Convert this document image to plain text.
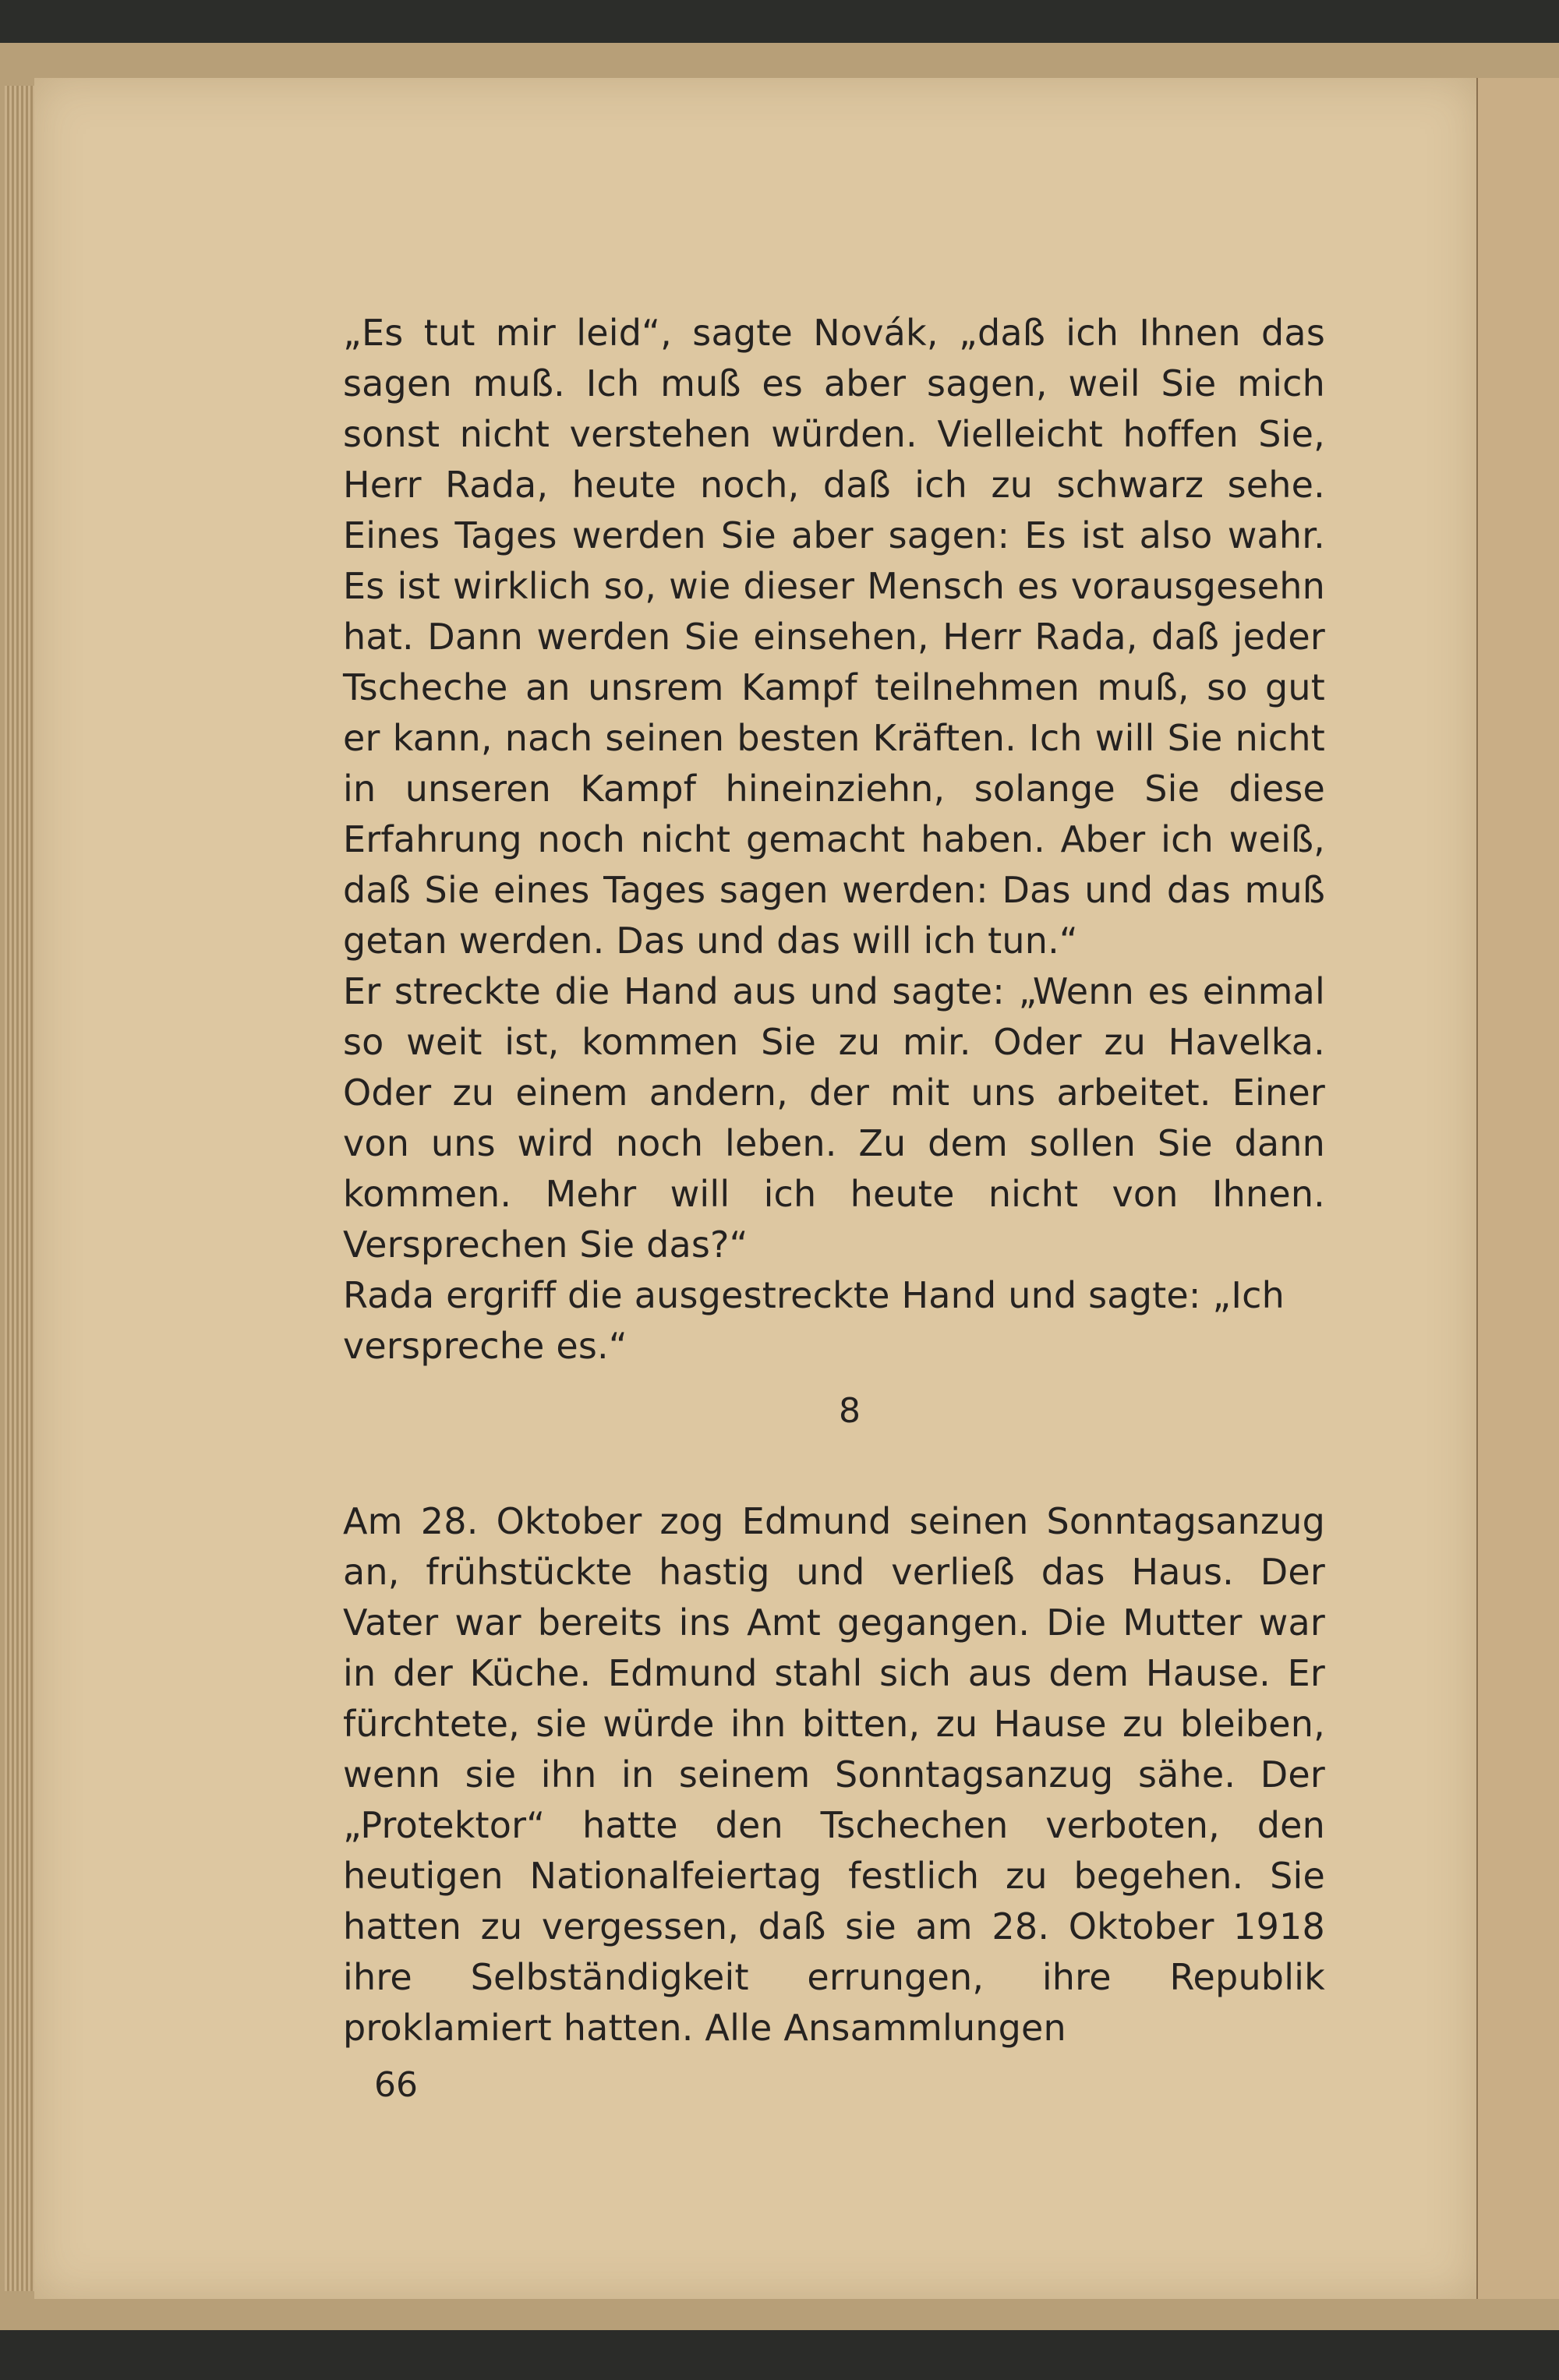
„Es tut mir leid“, sagte Novák, „daß ich Ihnen das sagen muß. Ich muß es aber sagen, weil Sie mich sonst nicht verstehen würden. Vielleicht hoffen Sie, Herr Rada, heute noch, daß ich zu schwarz sehe. Eines Tages werden Sie aber sagen: Es ist also wahr. Es ist wirklich so, wie dieser Mensch es vorausgesehn hat. Dann werden Sie einsehen, Herr Rada, daß jeder Tscheche an unsrem Kampf teilnehmen muß, so gut er kann, nach seinen besten Kräften. Ich will Sie nicht in unseren Kampf hineinziehn, solange Sie diese Erfahrung noch nicht gemacht haben. Aber ich weiß, daß Sie eines Tages sagen werden: Das und das muß getan werden. Das und das will ich tun.“

Er streckte die Hand aus und sagte: „Wenn es einmal so weit ist, kommen Sie zu mir. Oder zu Havelka. Oder zu einem andern, der mit uns arbeitet. Einer von uns wird noch leben. Zu dem sollen Sie dann kommen. Mehr will ich heute nicht von Ihnen. Versprechen Sie das?“

Rada ergriff die ausgestreckte Hand und sagte: „Ich verspreche es.“

8

Am 28. Oktober zog Edmund seinen Sonntagsanzug an, frühstückte hastig und verließ das Haus. Der Vater war bereits ins Amt gegangen. Die Mutter war in der Küche. Edmund stahl sich aus dem Hause. Er fürchtete, sie würde ihn bitten, zu Hause zu bleiben, wenn sie ihn in seinem Sonntagsanzug sähe. Der „Protektor“ hatte den Tschechen verboten, den heutigen Nationalfeiertag festlich zu begehen. Sie hatten zu vergessen, daß sie am 28. Oktober 1918 ihre Selbständigkeit errungen, ihre Republik proklamiert hatten. Alle Ansammlungen

66
